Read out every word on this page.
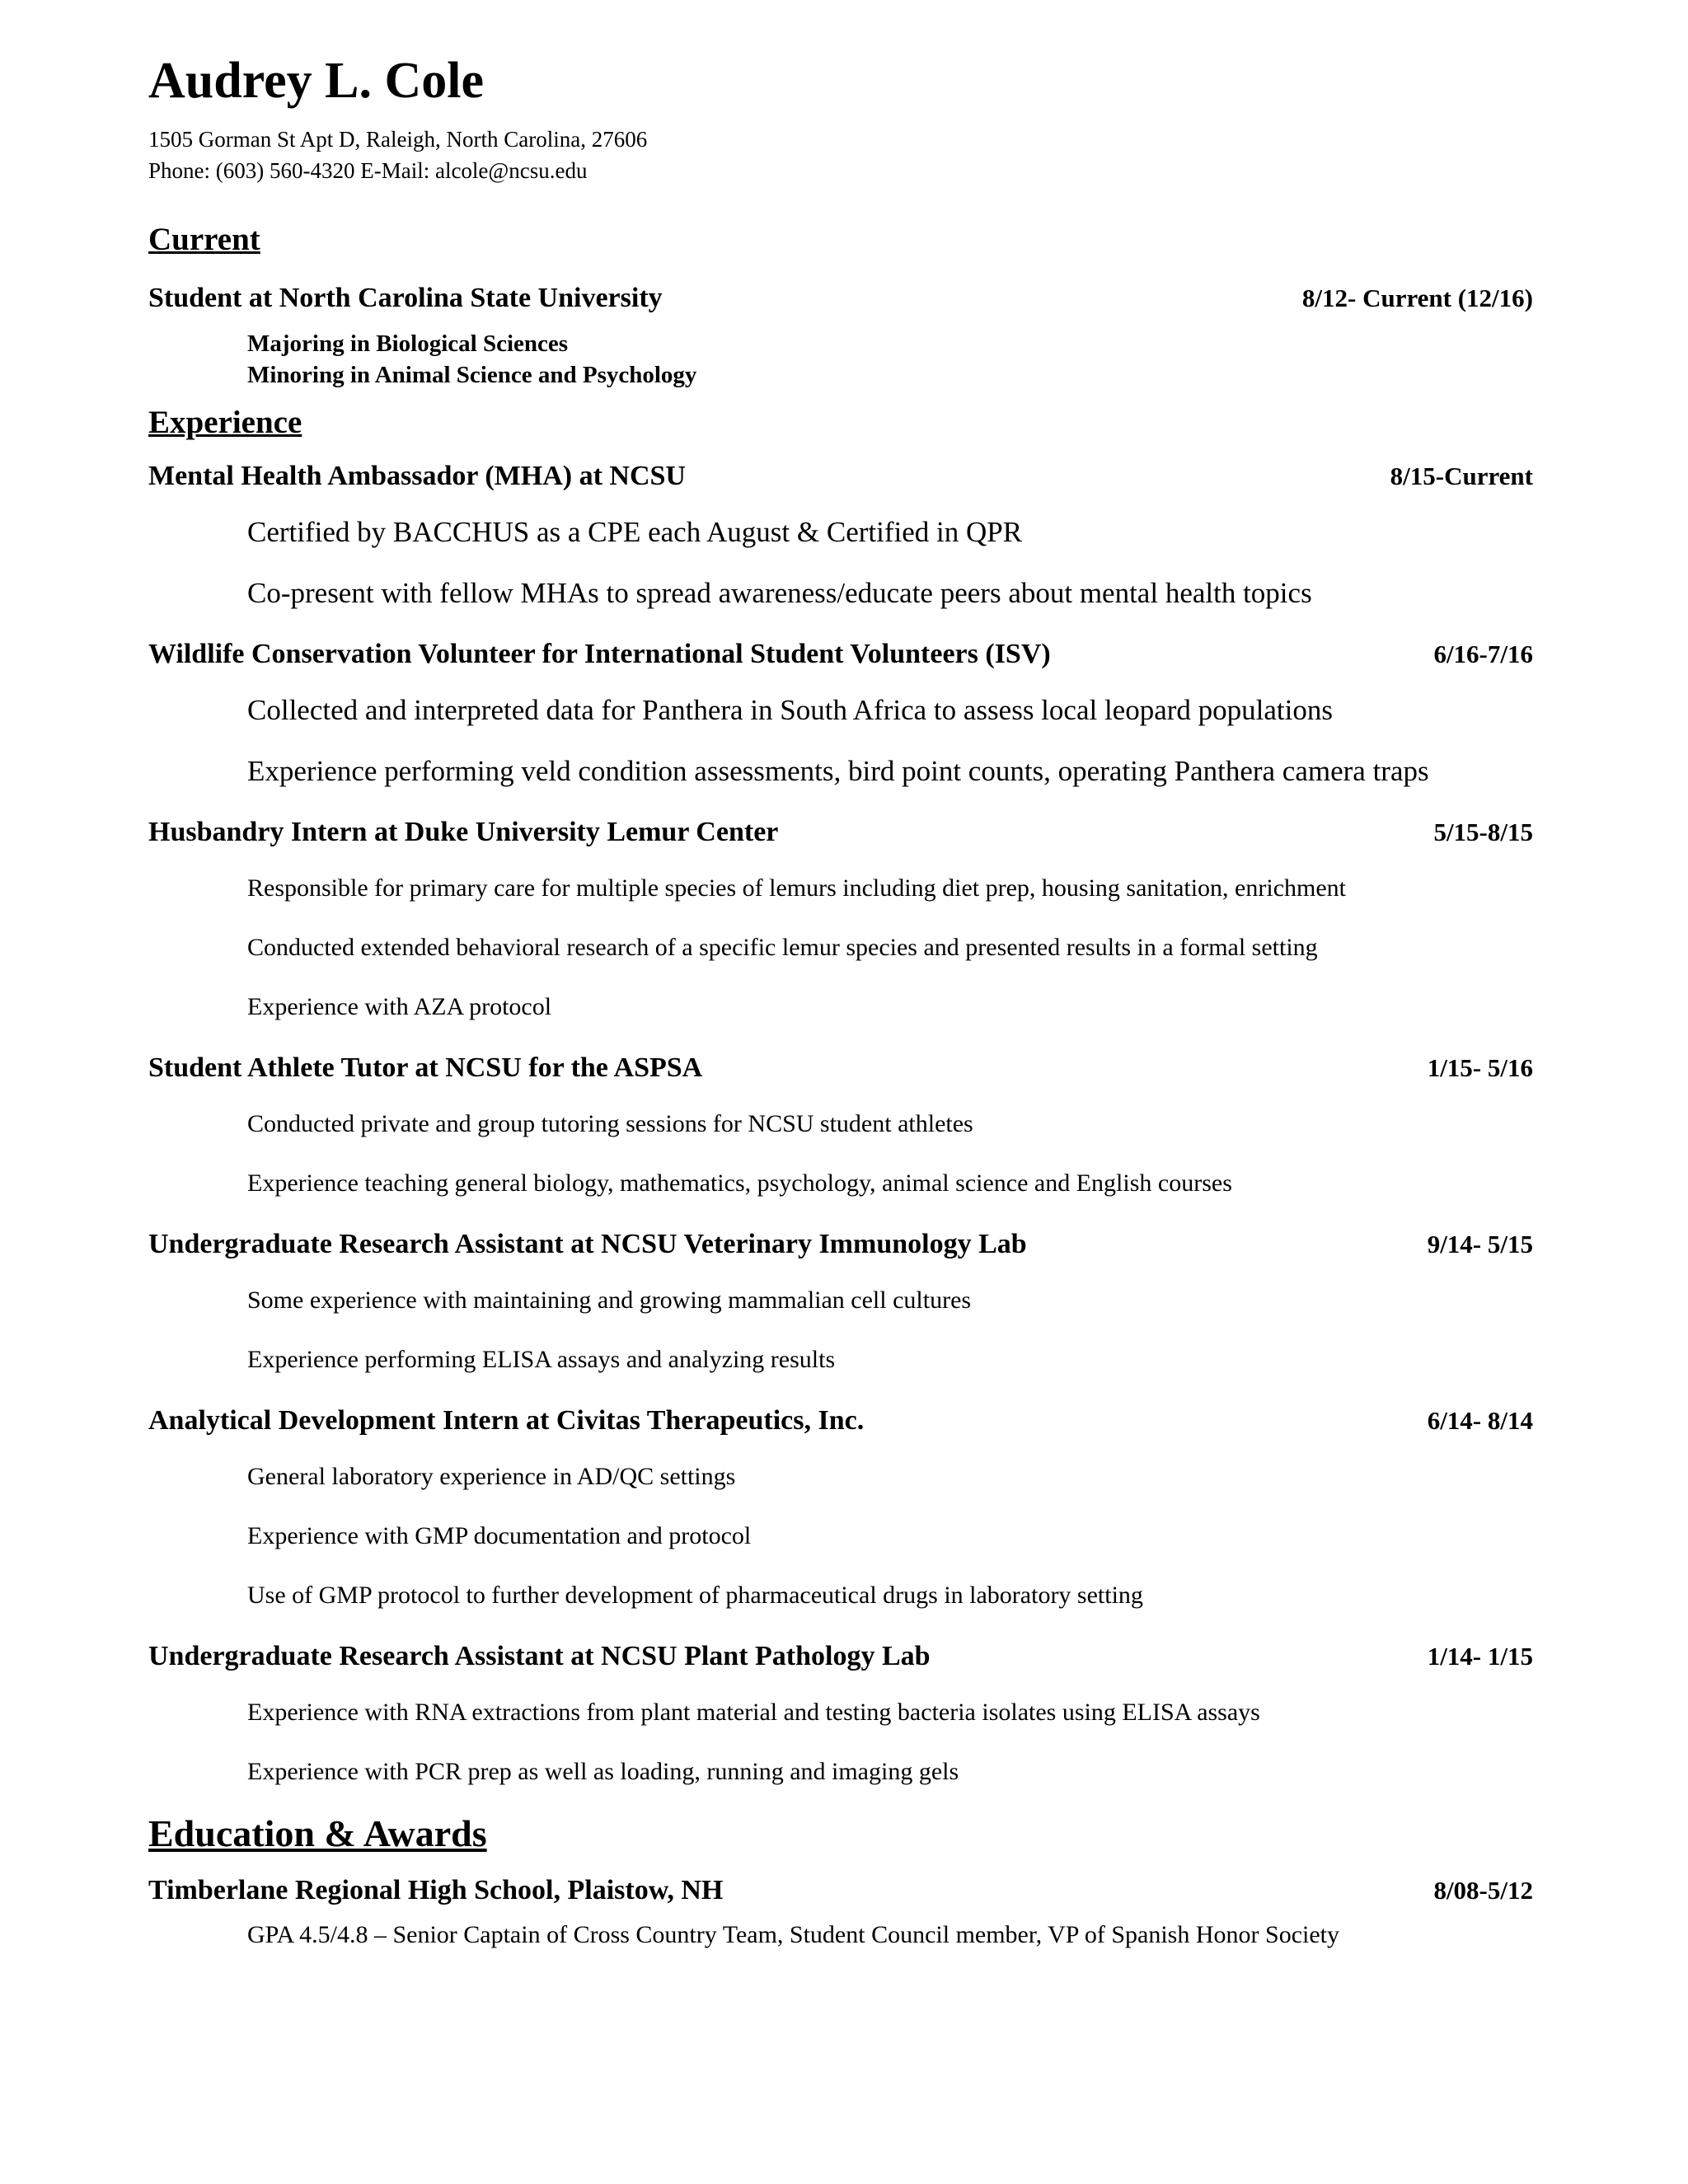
Audrey L. Cole
1505 Gorman St Apt D, Raleigh, North Carolina, 27606
Phone: (603) 560-4320 E-Mail: alcole@ncsu.edu
Current
Student at North Carolina State University	8/12- Current (12/16)
Majoring in Biological Sciences
Minoring in Animal Science and Psychology
Experience
Mental Health Ambassador (MHA) at NCSU	8/15-Current
Certified by BACCHUS as a CPE each August & Certified in QPR
Co-present with fellow MHAs to spread awareness/educate peers about mental health topics
Wildlife Conservation Volunteer for International Student Volunteers (ISV)	6/16-7/16
Collected and interpreted data for Panthera in South Africa to assess local leopard populations
Experience performing veld condition assessments, bird point counts, operating Panthera camera traps
Husbandry Intern at Duke University Lemur Center	5/15-8/15
Responsible for primary care for multiple species of lemurs including diet prep, housing sanitation, enrichment
Conducted extended behavioral research of a specific lemur species and presented results in a formal setting
Experience with AZA protocol
Student Athlete Tutor at NCSU for the ASPSA	1/15- 5/16
Conducted private and group tutoring sessions for NCSU student athletes
Experience teaching general biology, mathematics, psychology, animal science and English courses
Undergraduate Research Assistant at NCSU Veterinary Immunology Lab	9/14- 5/15
Some experience with maintaining and growing mammalian cell cultures
Experience performing ELISA assays and analyzing results
Analytical Development Intern at Civitas Therapeutics, Inc.	6/14- 8/14
General laboratory experience in AD/QC settings
Experience with GMP documentation and protocol
Use of GMP protocol to further development of pharmaceutical drugs in laboratory setting
Undergraduate Research Assistant at NCSU Plant Pathology Lab	1/14- 1/15
Experience with RNA extractions from plant material and testing bacteria isolates using ELISA assays
Experience with PCR prep as well as loading, running and imaging gels
Education & Awards
Timberlane Regional High School, Plaistow, NH	8/08-5/12
GPA 4.5/4.8 – Senior Captain of Cross Country Team, Student Council member, VP of Spanish Honor Society
